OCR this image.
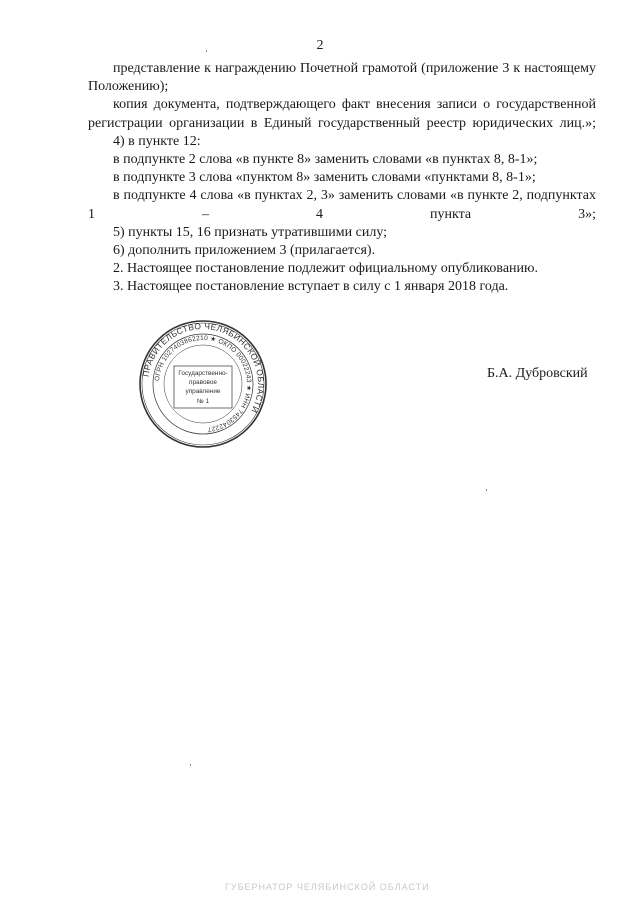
2

представление к награждению Почетной грамотой (приложение 3 к настоящему Положению);

копия документа, подтверждающего факт внесения записи о государственной регистрации организации в Единый государственный реестр юридических лиц.»;

4) в пункте 12:

в подпункте 2 слова «в пункте 8» заменить словами «в пунктах 8, 8-1»;

в подпункте 3 слова «пунктом 8» заменить словами «пунктами 8, 8-1»;

в подпункте 4 слова «в пунктах 2, 3» заменить словами «в пункте 2, подпунктах 1 – 4 пункта 3»;

5) пункты 15, 16 признать утратившими силу;

6) дополнить приложением 3 (прилагается).

2. Настоящее постановление подлежит официальному опубликованию.

3. Настоящее постановление вступает в силу с 1 января 2018 года.

ПРАВИТЕЛЬСТВО ЧЕЛЯБИНСКОЙ ОБЛАСТИ
ОГРН 1027403862210 ★ ОКПО 00022243 ★ ИНН 7453042227
Государственно-
правовое
управление
№ 1
Б.А. Дубровский
ГУБЕРНАТОР ЧЕЛЯБИНСКОЙ ОБЛАСТИ
